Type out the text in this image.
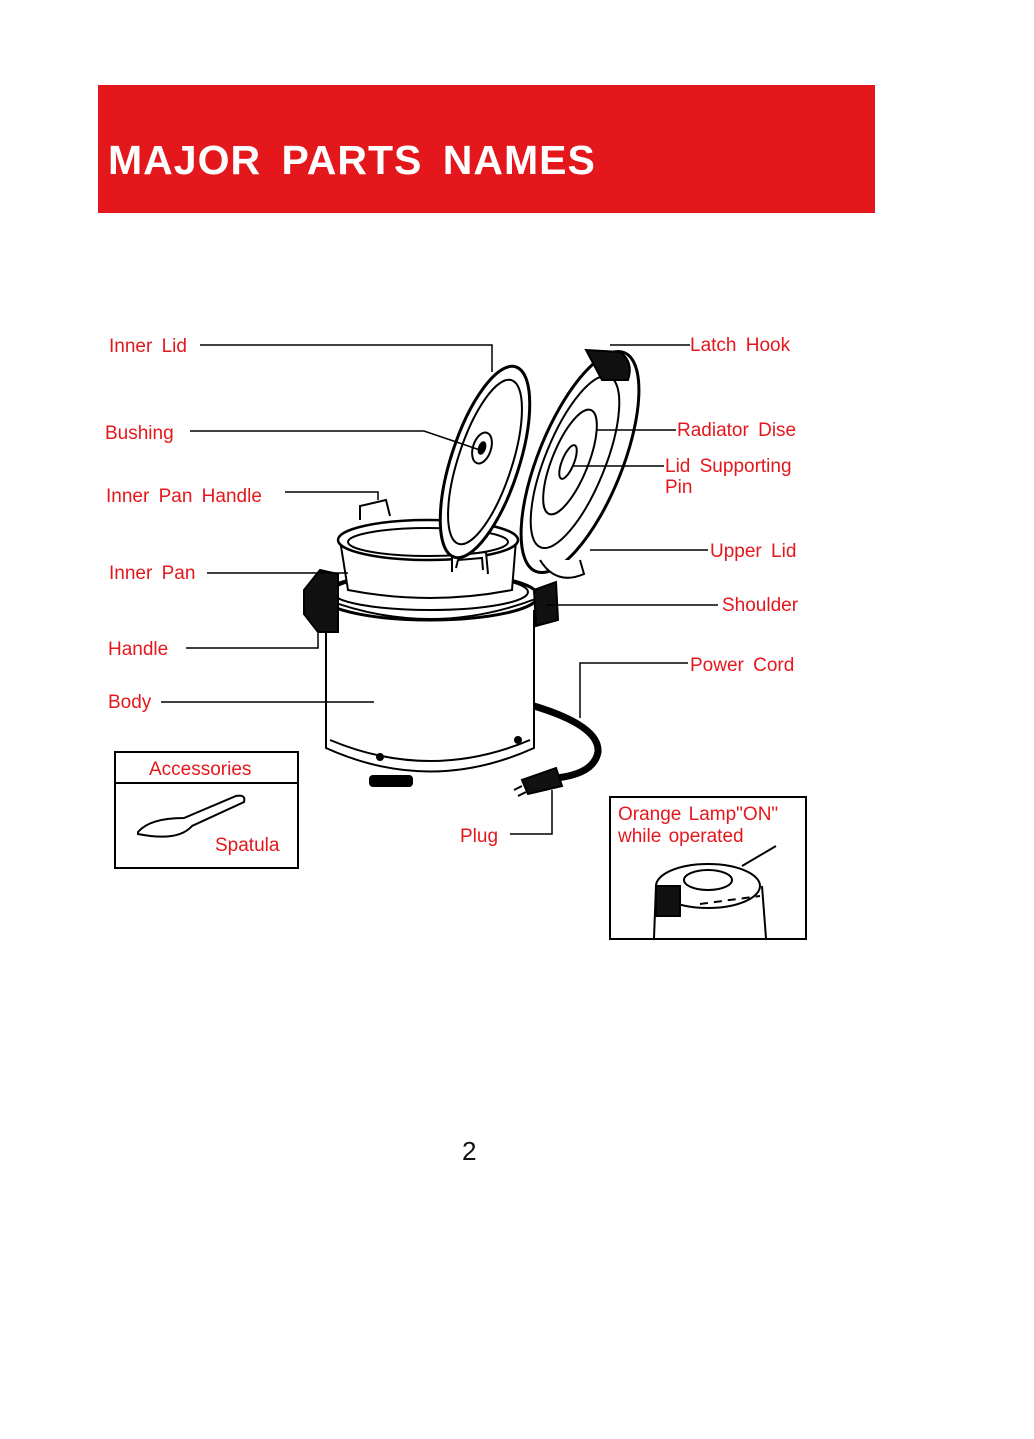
MAJOR PARTS NAMES
Inner Lid
Bushing
Inner Pan Handle
Inner Pan
Handle
Body
Latch Hook
Radiator Dise
Lid Supporting
Pin
Upper Lid
Shoulder
Power Cord
Plug
Accessories
Spatula
Orange Lamp"ON"
while operated
2
